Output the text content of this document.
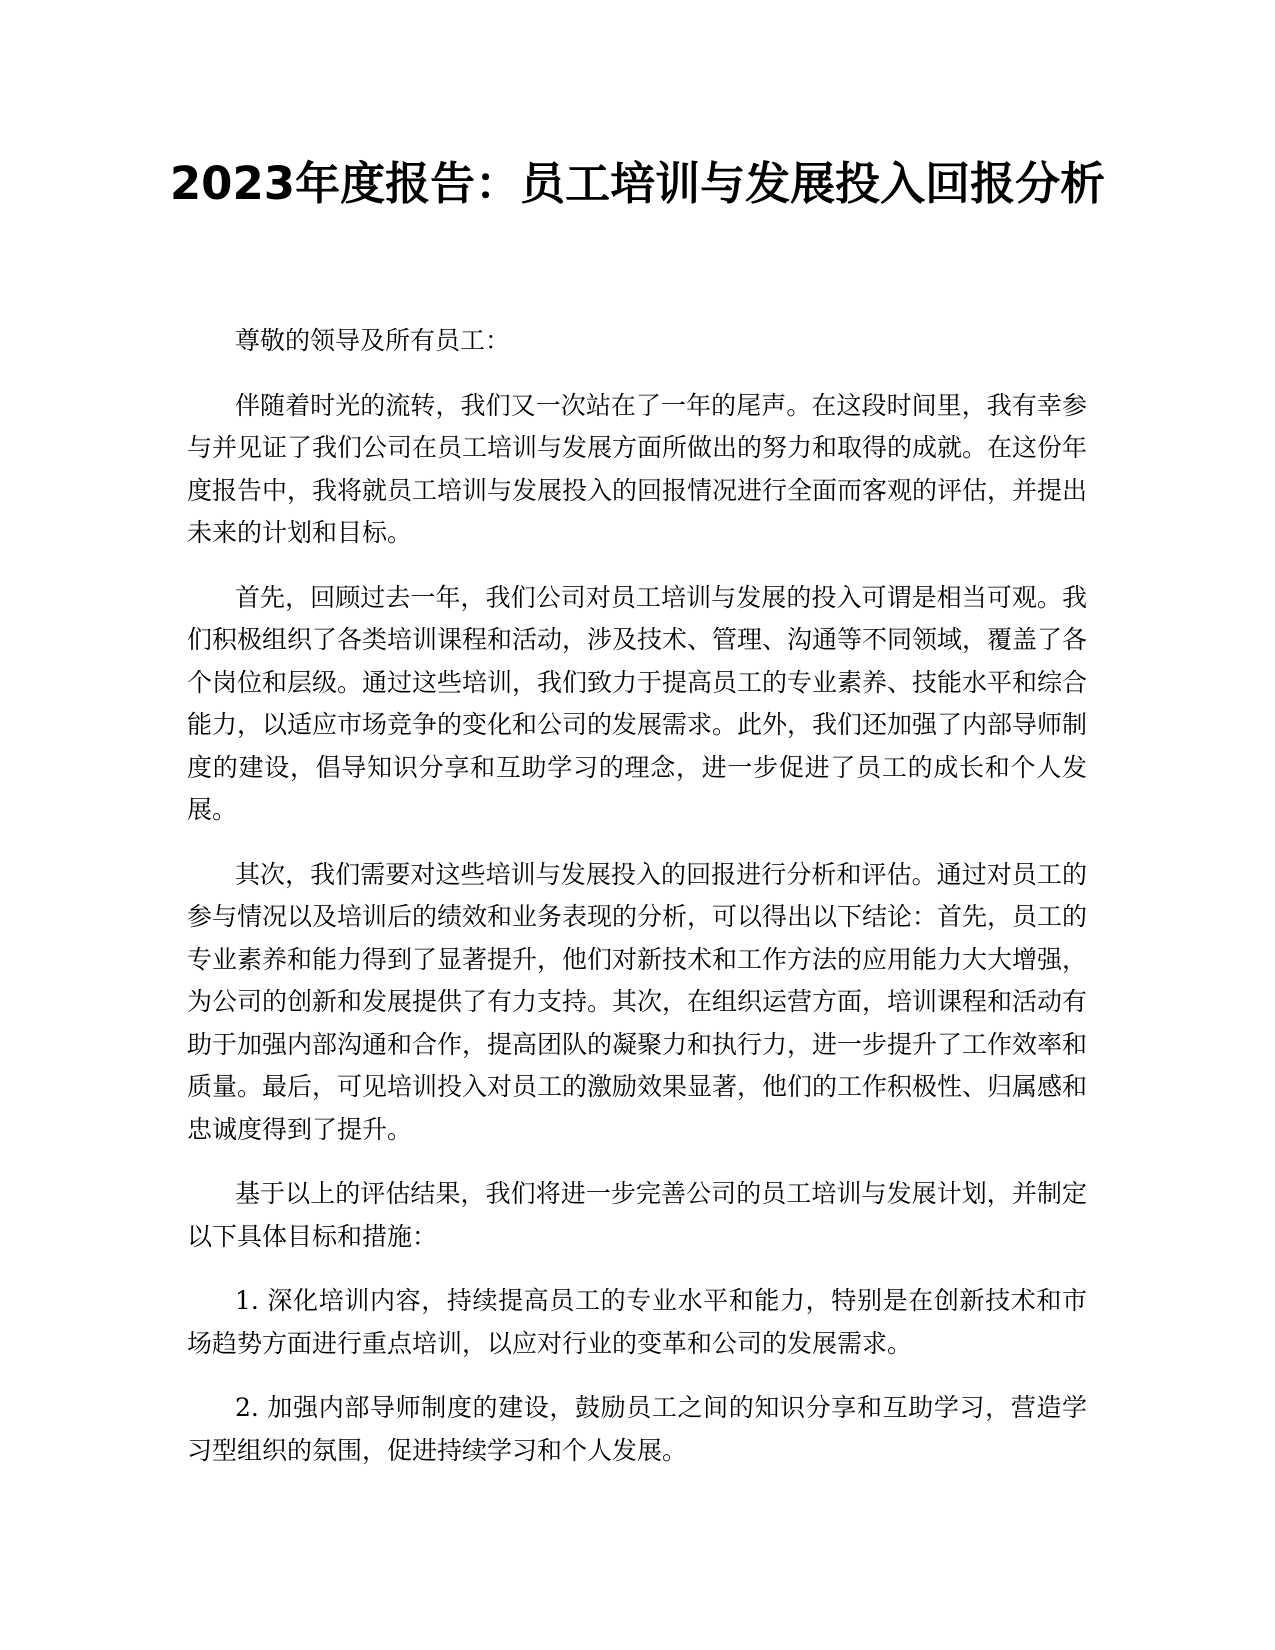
2023年度报告：员工培训与发展投入回报分析

尊敬的领导及所有员工：

伴随着时光的流转，我们又一次站在了一年的尾声。在这段时间里，我有幸参与并见证了我们公司在员工培训与发展方面所做出的努力和取得的成就。在这份年度报告中，我将就员工培训与发展投入的回报情况进行全面而客观的评估，并提出未来的计划和目标。

首先，回顾过去一年，我们公司对员工培训与发展的投入可谓是相当可观。我们积极组织了各类培训课程和活动，涉及技术、管理、沟通等不同领域，覆盖了各个岗位和层级。通过这些培训，我们致力于提高员工的专业素养、技能水平和综合能力，以适应市场竞争的变化和公司的发展需求。此外，我们还加强了内部导师制度的建设，倡导知识分享和互助学习的理念，进一步促进了员工的成长和个人发展。

其次，我们需要对这些培训与发展投入的回报进行分析和评估。通过对员工的参与情况以及培训后的绩效和业务表现的分析，可以得出以下结论：首先，员工的专业素养和能力得到了显著提升，他们对新技术和工作方法的应用能力大大增强，为公司的创新和发展提供了有力支持。其次，在组织运营方面，培训课程和活动有助于加强内部沟通和合作，提高团队的凝聚力和执行力，进一步提升了工作效率和质量。最后，可见培训投入对员工的激励效果显著，他们的工作积极性、归属感和忠诚度得到了提升。

基于以上的评估结果，我们将进一步完善公司的员工培训与发展计划，并制定以下具体目标和措施：

1. 深化培训内容，持续提高员工的专业水平和能力，特别是在创新技术和市场趋势方面进行重点培训，以应对行业的变革和公司的发展需求。

2. 加强内部导师制度的建设，鼓励员工之间的知识分享和互助学习，营造学习型组织的氛围，促进持续学习和个人发展。
